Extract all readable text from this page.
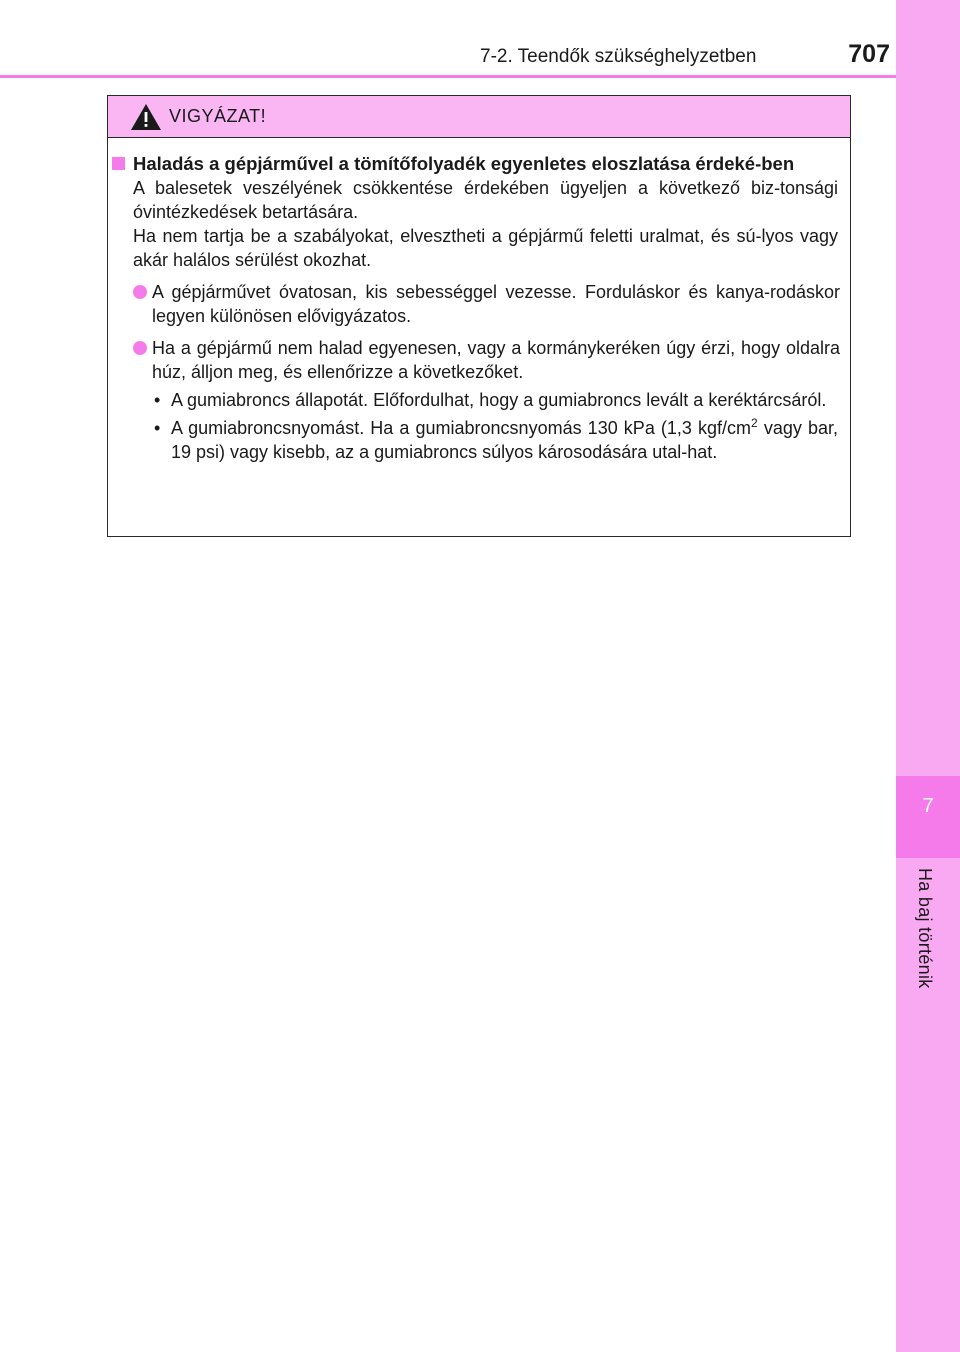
7
Ha baj történik
7-2. Teendők szükséghelyzetben	707
VIGYÁZAT!

Haladás a gépjárművel a tömítőfolyadék egyenletes eloszlatása érdeké-ben

A balesetek veszélyének csökkentése érdekében ügyeljen a következő biz-tonsági óvintézkedések betartására.

Ha nem tartja be a szabályokat, elvesztheti a gépjármű feletti uralmat, és sú-lyos vagy akár halálos sérülést okozhat.

A gépjárművet óvatosan, kis sebességgel vezesse. Forduláskor és kanya-rodáskor legyen különösen elővigyázatos.

Ha a gépjármű nem halad egyenesen, vagy a kormánykeréken úgy érzi, hogy oldalra húz, álljon meg, és ellenőrizze a következőket.

• A gumiabroncs állapotát. Előfordulhat, hogy a gumiabroncs levált a keréktárcsáról.

• A gumiabroncsnyomást. Ha a gumiabroncsnyomás 130 kPa (1,3 kgf/$cm^2$ vagy bar, 19 psi) vagy kisebb, az a gumiabroncs súlyos károsodására utal-hat.
